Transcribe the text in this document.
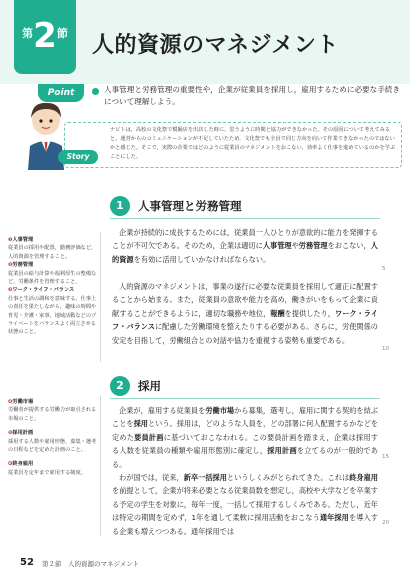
$^第2^節$	人的資源のマネジメント
Point	人事管理と労務管理の重要性や，企業が従業員を採用し，雇用するために必要な手続きについて理解しよう。
ナビトは，高校の文化祭で模擬店を出店した時に，思うように時間と協力ができなかった。その原因について考えてみると，運営からのコミュニケーションが不足していたため，文化祭でも全員で同じ方向を向いて作業できなかったのではないかと感じた。そこで，実際の企業ではどのように従業員のマネジメントをおこない，効率よく仕事を進めているのかを学ぶことにした。
Story
1	人事管理と労務管理
企業が持続的に成長するためには，従業員一人ひとりが意欲的に能力を発揮することが不可欠である。そのため，企業は適切に人事管理や労務管理をおこない，人的資源を有効に活用していかなければならない。
人的資源のマネジメントは，事業の遂行に必要な従業員を採用して適正に配置することから始まる。また，従業員の意欲や能力を高め，働きがいをもって企業に貢献することができるように，適切な職務や地位，報酬を提供したり，ワーク・ライフ・バランスに配慮した労働環境を整えたりする必要がある。さらに，労使関係の安定を目指して，労働組合との対話や協力を重視する姿勢も重要である。
2	採用
企業が，雇用する従業員を労働市場から募集，選考し，雇用に関する契約を結ぶことを採用という。採用は，どのような人員を，どの部署に何人配置するかなどを定めた要員計画に基づいておこなわれる。この要員計画を踏まえ，企業は採用する人数を従業員の種類や雇用形態別に確定し，採用計画を立てるのが一般的である。
わが国では，従来，新卒一括採用というしくみがとられてきた。これは終身雇用を前提として，企業が将来必要となる従業員数を想定し，高校や大学などを卒業する予定の学生を対象に，毎年一度，一括して採用するしくみである。ただし，近年は特定の期間を定めず，1年を通して柔軟に採用活動をおこなう通年採用を導入する企業も増えつつある。通年採用では
5
10
15
20
❶人事管理
従業員の採用や配置，勤務評価など，人的資源を管理すること。
❷労務管理
従業員の給与計算や福利厚生の整備など，労働条件を管理すること。
❸ワーク・ライフ・バランス
仕事と生活の調和を意味する。仕事上の責任を果たしながら，趣味の時間や育児・介護・家事，地域活動などのプライベートをバランスよく両立させる状態のこと。
❹労働市場
労働者が提供する労働力が取引される市場のこと。
❺採用計画
採用する人数や雇用形態，募集・選考の日程などを定めた計画のこと。
❻終身雇用
従業員を定年まで雇用する制度。
52 第２節　人的資源のマネジメント
